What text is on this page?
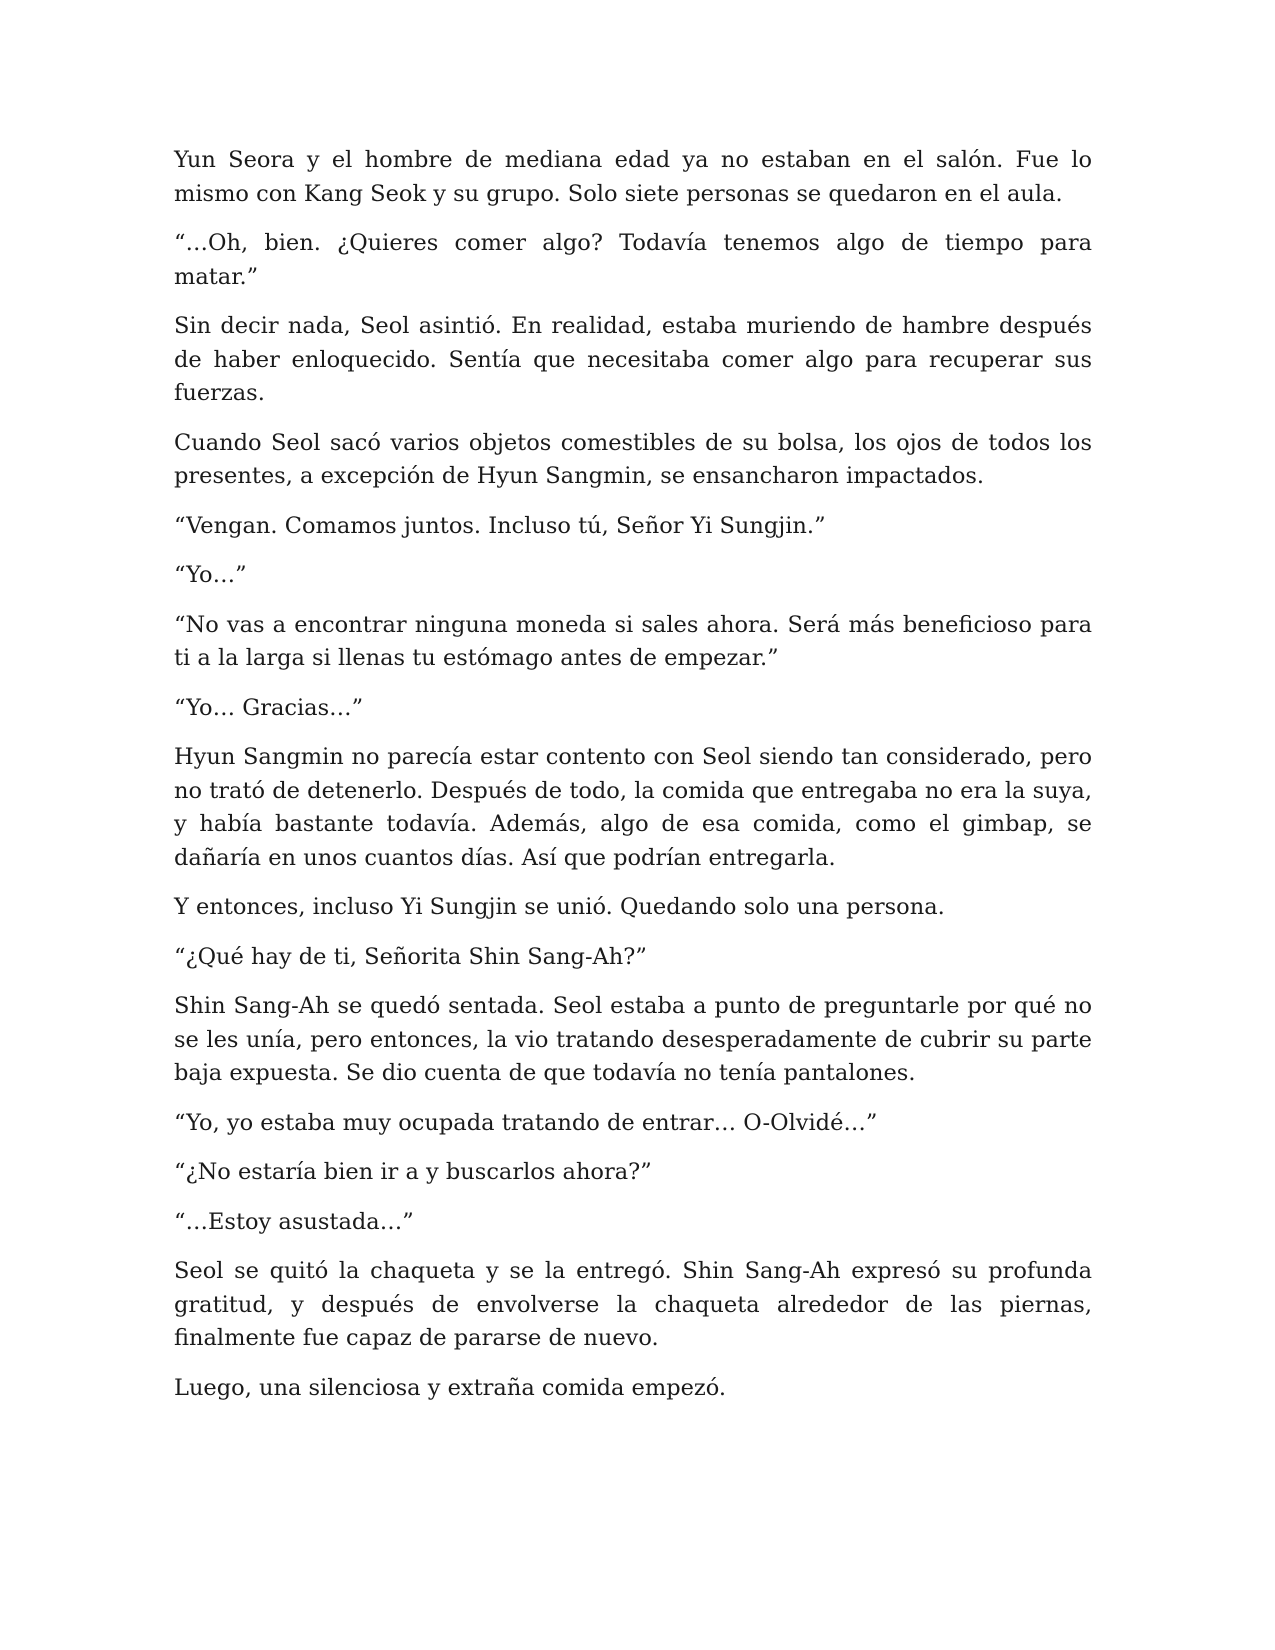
Yun Seora y el hombre de mediana edad ya no estaban en el salón. Fue lo mismo con Kang Seok y su grupo. Solo siete personas se quedaron en el aula.

“…Oh, bien. ¿Quieres comer algo? Todavía tenemos algo de tiempo para matar.”

Sin decir nada, Seol asintió. En realidad, estaba muriendo de hambre después de haber enloquecido. Sentía que necesitaba comer algo para recuperar sus fuerzas.

Cuando Seol sacó varios objetos comestibles de su bolsa, los ojos de todos los presentes, a excepción de Hyun Sangmin, se ensancharon impactados.

“Vengan. Comamos juntos. Incluso tú, Señor Yi Sungjin.”

“Yo…”

“No vas a encontrar ninguna moneda si sales ahora. Será más beneficioso para ti a la larga si llenas tu estómago antes de empezar.”

“Yo… Gracias…”

Hyun Sangmin no parecía estar contento con Seol siendo tan considerado, pero no trató de detenerlo. Después de todo, la comida que entregaba no era la suya, y había bastante todavía. Además, algo de esa comida, como el gimbap, se dañaría en unos cuantos días. Así que podrían entregarla.

Y entonces, incluso Yi Sungjin se unió. Quedando solo una persona.

“¿Qué hay de ti, Señorita Shin Sang-Ah?”

Shin Sang-Ah se quedó sentada. Seol estaba a punto de preguntarle por qué no se les unía, pero entonces, la vio tratando desesperadamente de cubrir su parte baja expuesta. Se dio cuenta de que todavía no tenía pantalones.

“Yo, yo estaba muy ocupada tratando de entrar… O-Olvidé…”

“¿No estaría bien ir a y buscarlos ahora?”

“…Estoy asustada…”

Seol se quitó la chaqueta y se la entregó. Shin Sang-Ah expresó su profunda gratitud, y después de envolverse la chaqueta alrededor de las piernas, finalmente fue capaz de pararse de nuevo.

Luego, una silenciosa y extraña comida empezó.
